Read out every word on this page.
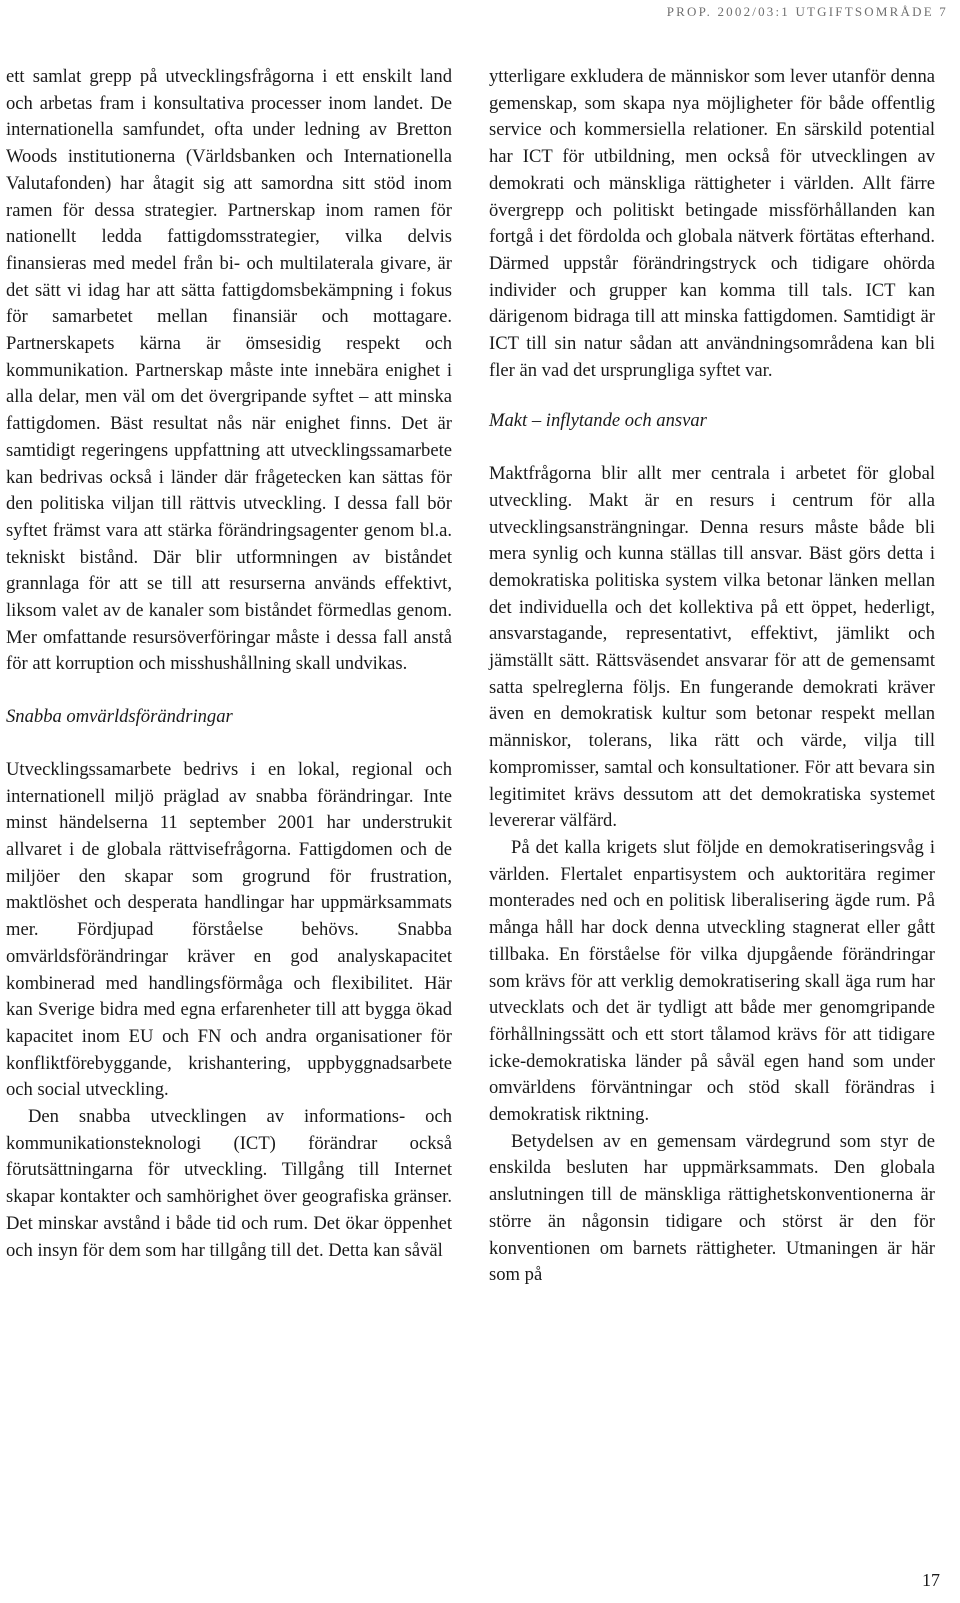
PROP. 2002/03:1 UTGIFTSOMRÅDE 7

ett samlat grepp på utvecklingsfrågorna i ett enskilt land och arbetas fram i konsultativa processer inom landet. De internationella samfundet, ofta under ledning av Bretton Woods institutionerna (Världsbanken och Internationella Valutafonden) har åtagit sig att samordna sitt stöd inom ramen för dessa strategier. Partnerskap inom ramen för nationellt ledda fattigdomsstrategier, vilka delvis finansieras med medel från bi- och multilaterala givare, är det sätt vi idag har att sätta fattigdomsbekämpning i fokus för samarbetet mellan finansiär och mottagare. Partnerskapets kärna är ömsesidig respekt och kommunikation. Partnerskap måste inte innebära enighet i alla delar, men väl om det övergripande syftet – att minska fattigdomen. Bäst resultat nås när enighet finns. Det är samtidigt regeringens uppfattning att utvecklingssamarbete kan bedrivas också i länder där frågetecken kan sättas för den politiska viljan till rättvis utveckling. I dessa fall bör syftet främst vara att stärka förändringsagenter genom bl.a. tekniskt bistånd. Där blir utformningen av biståndet grannlaga för att se till att resurserna används effektivt, liksom valet av de kanaler som biståndet förmedlas genom. Mer omfattande resursöverföringar måste i dessa fall anstå för att korruption och misshushållning skall undvikas.

Snabba omvärldsförändringar

Utvecklingssamarbete bedrivs i en lokal, regional och internationell miljö präglad av snabba förändringar. Inte minst händelserna 11 september 2001 har understrukit allvaret i de globala rättvisefrågorna. Fattigdomen och de miljöer den skapar som grogrund för frustration, maktlöshet och desperata handlingar har uppmärksammats mer. Fördjupad förståelse behövs. Snabba omvärldsförändringar kräver en god analyskapacitet kombinerad med handlingsförmåga och flexibilitet. Här kan Sverige bidra med egna erfarenheter till att bygga ökad kapacitet inom EU och FN och andra organisationer för konfliktförebyggande, krishantering, uppbyggnadsarbete och social utveckling.

Den snabba utvecklingen av informations- och kommunikationsteknologi (ICT) förändrar också förutsättningarna för utveckling. Tillgång till Internet skapar kontakter och samhörighet över geografiska gränser. Det minskar avstånd i både tid och rum. Det ökar öppenhet och insyn för dem som har tillgång till det. Detta kan såväl

ytterligare exkludera de människor som lever utanför denna gemenskap, som skapa nya möjligheter för både offentlig service och kommersiella relationer. En särskild potential har ICT för utbildning, men också för utvecklingen av demokrati och mänskliga rättigheter i världen. Allt färre övergrepp och politiskt betingade missförhållanden kan fortgå i det fördolda och globala nätverk förtätas efterhand. Därmed uppstår förändringstryck och tidigare ohörda individer och grupper kan komma till tals. ICT kan därigenom bidraga till att minska fattigdomen. Samtidigt är ICT till sin natur sådan att användningsområdena kan bli fler än vad det ursprungliga syftet var.

Makt – inflytande och ansvar

Maktfrågorna blir allt mer centrala i arbetet för global utveckling. Makt är en resurs i centrum för alla utvecklingsansträngningar. Denna resurs måste både bli mera synlig och kunna ställas till ansvar. Bäst görs detta i demokratiska politiska system vilka betonar länken mellan det individuella och det kollektiva på ett öppet, hederligt, ansvarstagande, representativt, effektivt, jämlikt och jämställt sätt. Rättsväsendet ansvarar för att de gemensamt satta spelreglerna följs. En fungerande demokrati kräver även en demokratisk kultur som betonar respekt mellan människor, tolerans, lika rätt och värde, vilja till kompromisser, samtal och konsultationer. För att bevara sin legitimitet krävs dessutom att det demokratiska systemet levererar välfärd.

På det kalla krigets slut följde en demokratiseringsvåg i världen. Flertalet enpartisystem och auktoritära regimer monterades ned och en politisk liberalisering ägde rum. På många håll har dock denna utveckling stagnerat eller gått tillbaka. En förståelse för vilka djupgående förändringar som krävs för att verklig demokratisering skall äga rum har utvecklats och det är tydligt att både mer genomgripande förhållningssätt och ett stort tålamod krävs för att tidigare icke-demokratiska länder på såväl egen hand som under omvärldens förväntningar och stöd skall förändras i demokratisk riktning.

Betydelsen av en gemensam värdegrund som styr de enskilda besluten har uppmärksammats. Den globala anslutningen till de mänskliga rättighetskonventionerna är större än någonsin tidigare och störst är den för konventionen om barnets rättigheter. Utmaningen är här som på

17
